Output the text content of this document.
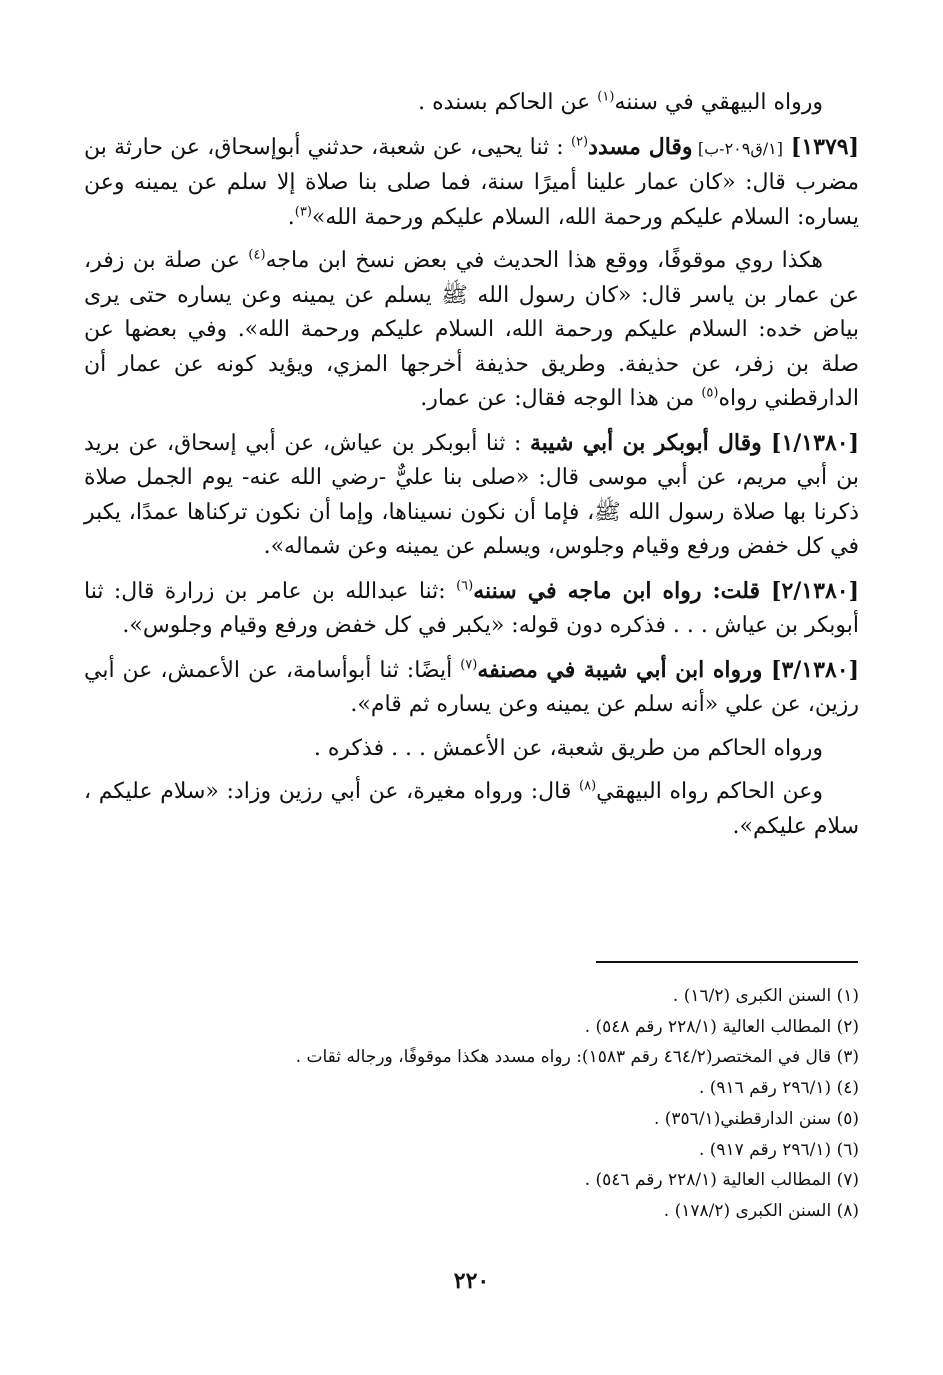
ورواه البيهقي في سننه$^{(١)}$ عن الحاكم بسنده .

[١٣٧٩] [١/ق٢٠٩-ب] وقال مسدد$^{(٢)}$ : ثنا يحيى، عن شعبة، حدثني أبوإسحاق، عن حارثة بن مضرب قال: «كان عمار علينا أميرًا سنة، فما صلى بنا صلاة إلا سلم عن يمينه وعن يساره: السلام عليكم ورحمة الله، السلام عليكم ورحمة الله»$^{(٣)}$.

هكذا روي موقوفًا، ووقع هذا الحديث في بعض نسخ ابن ماجه$^{(٤)}$ عن صلة بن زفر، عن عمار بن ياسر قال: «كان رسول الله ﷺ يسلم عن يمينه وعن يساره حتى يرى بياض خده: السلام عليكم ورحمة الله، السلام عليكم ورحمة الله». وفي بعضها عن صلة بن زفر، عن حذيفة. وطريق حذيفة أخرجها المزي، ويؤيد كونه عن عمار أن الدارقطني رواه$^{(٥)}$ من هذا الوجه فقال: عن عمار.

[١/١٣٨٠] وقال أبوبكر بن أبي شيبة : ثنا أبوبكر بن عياش، عن أبي إسحاق، عن بريد بن أبي مريم، عن أبي موسى قال: «صلى بنا عليٌّ -رضي الله عنه- يوم الجمل صلاة ذكرنا بها صلاة رسول الله ﷺ، فإما أن نكون نسيناها، وإما أن نكون تركناها عمدًا، يكبر في كل خفض ورفع وقيام وجلوس، ويسلم عن يمينه وعن شماله».

[٢/١٣٨٠] قلت: رواه ابن ماجه في سننه$^{(٦)}$ :ثنا عبدالله بن عامر بن زرارة قال: ثنا أبوبكر بن عياش . . . فذكره دون قوله: «يكبر في كل خفض ورفع وقيام وجلوس».

[٣/١٣٨٠] ورواه ابن أبي شيبة في مصنفه$^{(٧)}$ أيضًا: ثنا أبوأسامة، عن الأعمش، عن أبي رزين، عن علي «أنه سلم عن يمينه وعن يساره ثم قام».

ورواه الحاكم من طريق شعبة، عن الأعمش . . . فذكره .

وعن الحاكم رواه البيهقي$^{(٨)}$ قال: ورواه مغيرة، عن أبي رزين وزاد: «سلام عليكم ، سلام عليكم».

(١) السنن الكبرى (١٦/٢) .

(٢) المطالب العالية (٢٢٨/١ رقم ٥٤٨) .

(٣) قال في المختصر(٤٦٤/٢ رقم ١٥٨٣): رواه مسدد هكذا موقوفًا، ورجاله ثقات .

(٤) (٢٩٦/١ رقم ٩١٦) .

(٥) سنن الدارقطني(٣٥٦/١) .

(٦) (٢٩٦/١ رقم ٩١٧) .

(٧) المطالب العالية (٢٢٨/١ رقم ٥٤٦) .

(٨) السنن الكبرى (١٧٨/٢) .

٢٢٠
